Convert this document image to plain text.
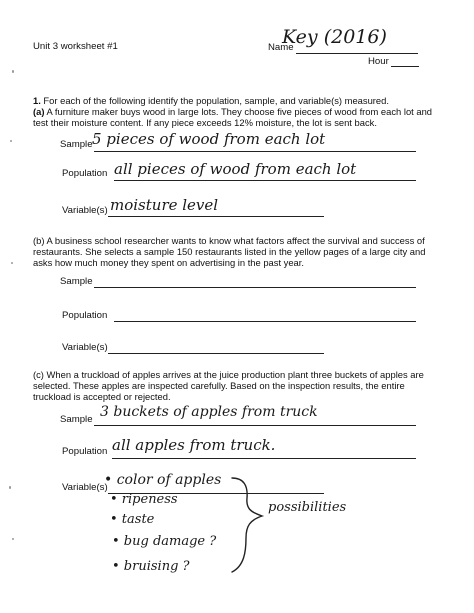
Unit 3 worksheet #1	Name
Key (2016)
Hour
1. For each of the following identify the population, sample, and variable(s) measured.
(a) A furniture maker buys wood in large lots. They choose five pieces of wood from each lot and test their moisture content. If any piece exceeds 12% moisture, the lot is sent back.
Sample 5 pieces of wood from each lot
Population all pieces of wood from each lot
Variable(s) moisture level
(b) A business school researcher wants to know what factors affect the survival and success of restaurants. She selects a sample 150 restaurants listed in the yellow pages of a large city and asks how much money they spent on advertising in the past year.
Sample
Population
Variable(s)
(c) When a truckload of apples arrives at the juice production plant three buckets of apples are selected. These apples are inspected carefully. Based on the inspection results, the entire truckload is accepted or rejected.
Sample 3 buckets of apples from truck
Population all apples from truck.
Variable(s)
• color of apples
• ripeness
• taste
• bug damage ?
• bruising ?
possibilities
